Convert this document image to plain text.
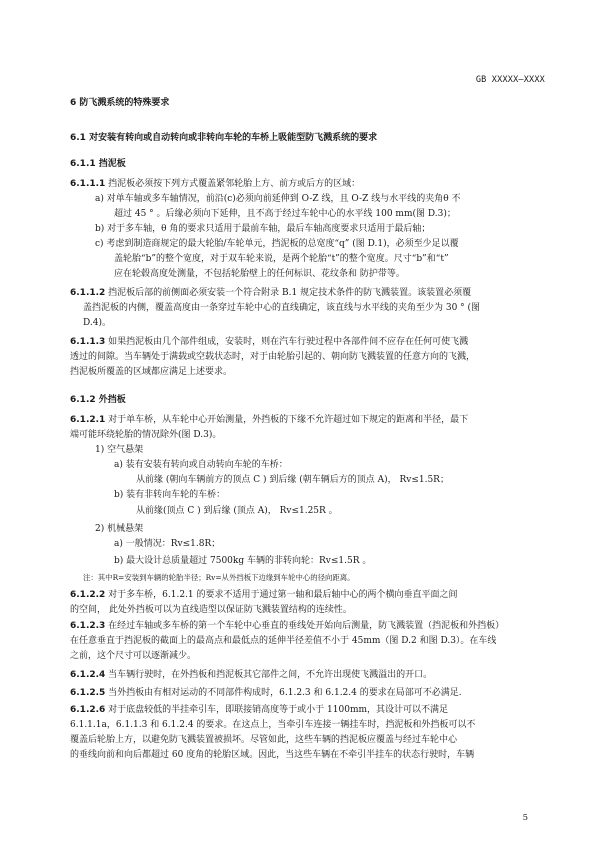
GB XXXXX—XXXX
6 防飞溅系统的特殊要求
6.1 对安装有转向或自动转向或非转向车轮的车桥上吸能型防飞溅系统的要求
6.1.1 挡泥板
6.1.1.1 挡泥板必须按下列方式覆盖紧邻轮胎上方、前方或后方的区域：
a) 对单车轴或多车轴情况，前沿(c)必须向前延伸到 O-Z 线，且 O-Z 线与水平线的夹角θ 不
超过 45 ° 。后缘必须向下延伸，且不高于经过车轮中心的水平线 100 mm(图 D.3)；
b) 对于多车轴，θ 角的要求只适用于最前车轴，最后车轴高度要求只适用于最后轴；
c) 考虑到制造商规定的最大轮胎/车轮单元，挡泥板的总宽度“q” (图 D.1)，必须至少足以覆
盖轮胎“b”的整个宽度，对于双车轮来说，是两个轮胎“t”的整个宽度。尺寸“b”和“t”
应在轮毂高度处测量，不包括轮胎壁上的任何标识、花纹条和 防护带等。
6.1.1.2 挡泥板后部的前侧面必须安装一个符合附录 B.1 规定技术条件的防飞溅装置。该装置必须覆
盖挡泥板的内侧，覆盖高度由一条穿过车轮中心的直线确定，该直线与水平线的夹角至少为 30 ° (图
D.4)。
6.1.1.3 如果挡泥板由几个部件组成，安装时，则在汽车行驶过程中各部件间不应存在任何可使飞溅
透过的间隙。当车辆处于满载或空载状态时，对于由轮胎引起的、朝向防飞溅装置的任意方向的飞溅，
挡泥板所覆盖的区域都应满足上述要求。
6.1.2 外挡板
6.1.2.1 对于单车桥，从车轮中心开始测量，外挡板的下缘不允许超过如下规定的距离和半径，最下
端可能环绕轮胎的情况除外(图 D.3)。
1) 空气悬架
a) 装有安装有转向或自动转向车轮的车桥：
从前缘 (朝向车辆前方的顶点 C ) 到后缘 (朝车辆后方的顶点 A)， Rv≤1.5R；
b) 装有非转向车轮的车桥：
从前缘(顶点 C ) 到后缘 (顶点 A)， Rv≤1.25R 。
2) 机械悬架
a) 一般情况：Rv≤1.8R；
b) 最大设计总质量超过 7500kg 车辆的非转向轮：Rv≤1.5R 。
注：其中R=安装到车辆的轮胎半径；Rv=从外挡板下边缘到车轮中心的径向距离。
6.1.2.2 对于多车桥，6.1.2.1 的要求不适用于通过第一轴和最后轴中心的两个横向垂直平面之间
的空间， 此处外挡板可以为直线造型以保证防飞溅装置结构的连续性。
6.1.2.3 在经过车轴或多车桥的第一个车轮中心垂直的垂线处开始向后测量，防飞溅装置（挡泥板和外挡板）
在任意垂直于挡泥板的截面上的最高点和最低点的延伸半径差值不小于 45mm（图 D.2 和图 D.3）。在车线
之前，这个尺寸可以逐渐减少。
6.1.2.4 当车辆行驶时，在外挡板和挡泥板其它部件之间，不允许出现使飞溅溢出的开口。
6.1.2.5 当外挡板由有相对运动的不同部件构成时，6.1.2.3 和 6.1.2.4 的要求在局部可不必满足.
6.1.2.6 对于底盘较低的半挂牵引车，即联接销高度等于或小于 1100mm，其设计可以不满足
6.1.1.1a，6.1.1.3 和 6.1.2.4 的要求。在这点上，当牵引车连接一辆挂车时，挡泥板和外挡板可以不
覆盖后轮胎上方，以避免防飞溅装置被损坏。尽管如此，这些车辆的挡泥板应覆盖与经过车轮中心
的垂线向前和向后都超过 60 度角的轮胎区域。因此，当这些车辆在不牵引半挂车的状态行驶时，车辆
5
